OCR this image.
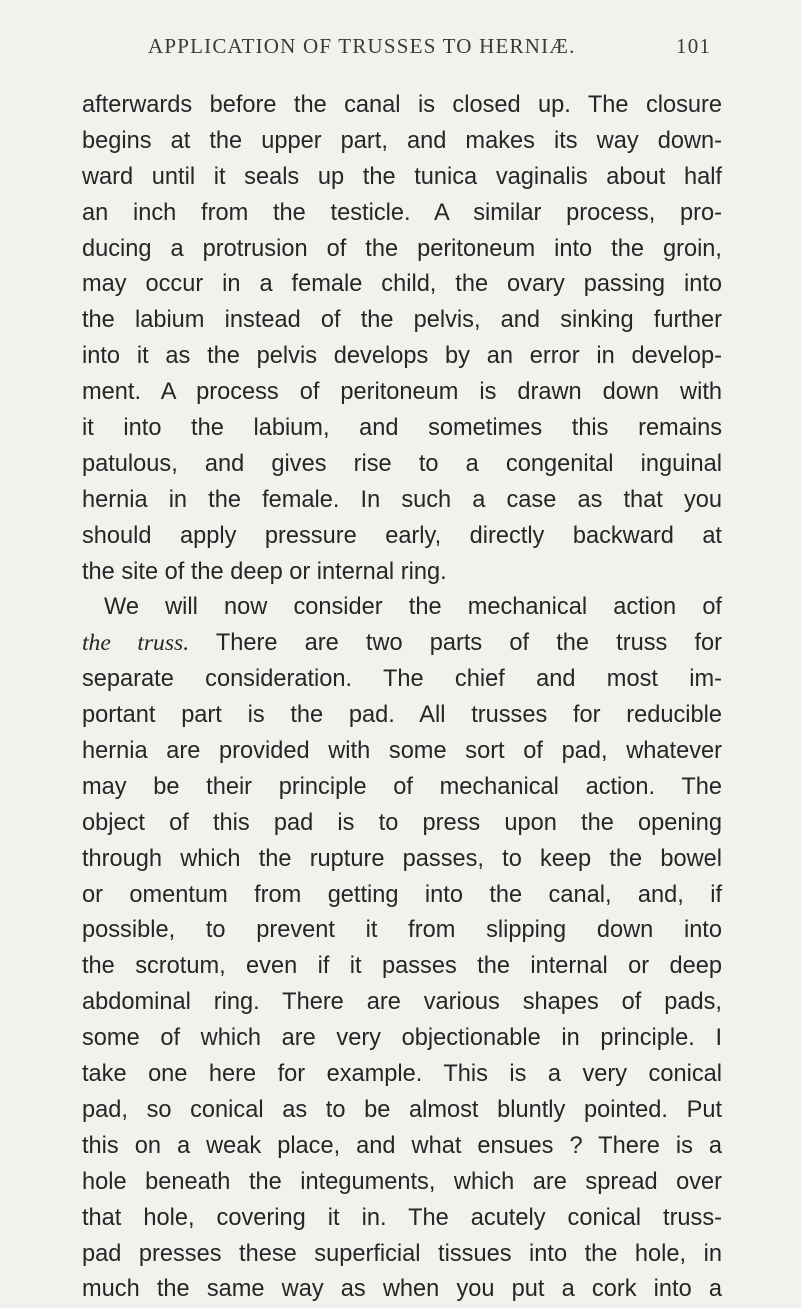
APPLICATION OF TRUSSES TO HERNIÆ.	101
afterwards before the canal is closed up. The closure
begins at the upper part, and makes its way down-
ward until it seals up the tunica vaginalis about half
an inch from the testicle. A similar process, pro-
ducing a protrusion of the peritoneum into the groin,
may occur in a female child, the ovary passing into
the labium instead of the pelvis, and sinking further
into it as the pelvis develops by an error in develop-
ment. A process of peritoneum is drawn down with
it into the labium, and sometimes this remains
patulous, and gives rise to a congenital inguinal
hernia in the female. In such a case as that you
should apply pressure early, directly backward at
the site of the deep or internal ring.
We will now consider the mechanical action of
the truss. There are two parts of the truss for
separate consideration. The chief and most im-
portant part is the pad. All trusses for reducible
hernia are provided with some sort of pad, whatever
may be their principle of mechanical action. The
object of this pad is to press upon the opening
through which the rupture passes, to keep the bowel
or omentum from getting into the canal, and, if
possible, to prevent it from slipping down into
the scrotum, even if it passes the internal or deep
abdominal ring. There are various shapes of pads,
some of which are very objectionable in principle. I
take one here for example. This is a very conical
pad, so conical as to be almost bluntly pointed. Put
this on a weak place, and what ensues ? There is a
hole beneath the integuments, which are spread over
that hole, covering it in. The acutely conical truss-
pad presses these superficial tissues into the hole, in
much the same way as when you put a cork into a
